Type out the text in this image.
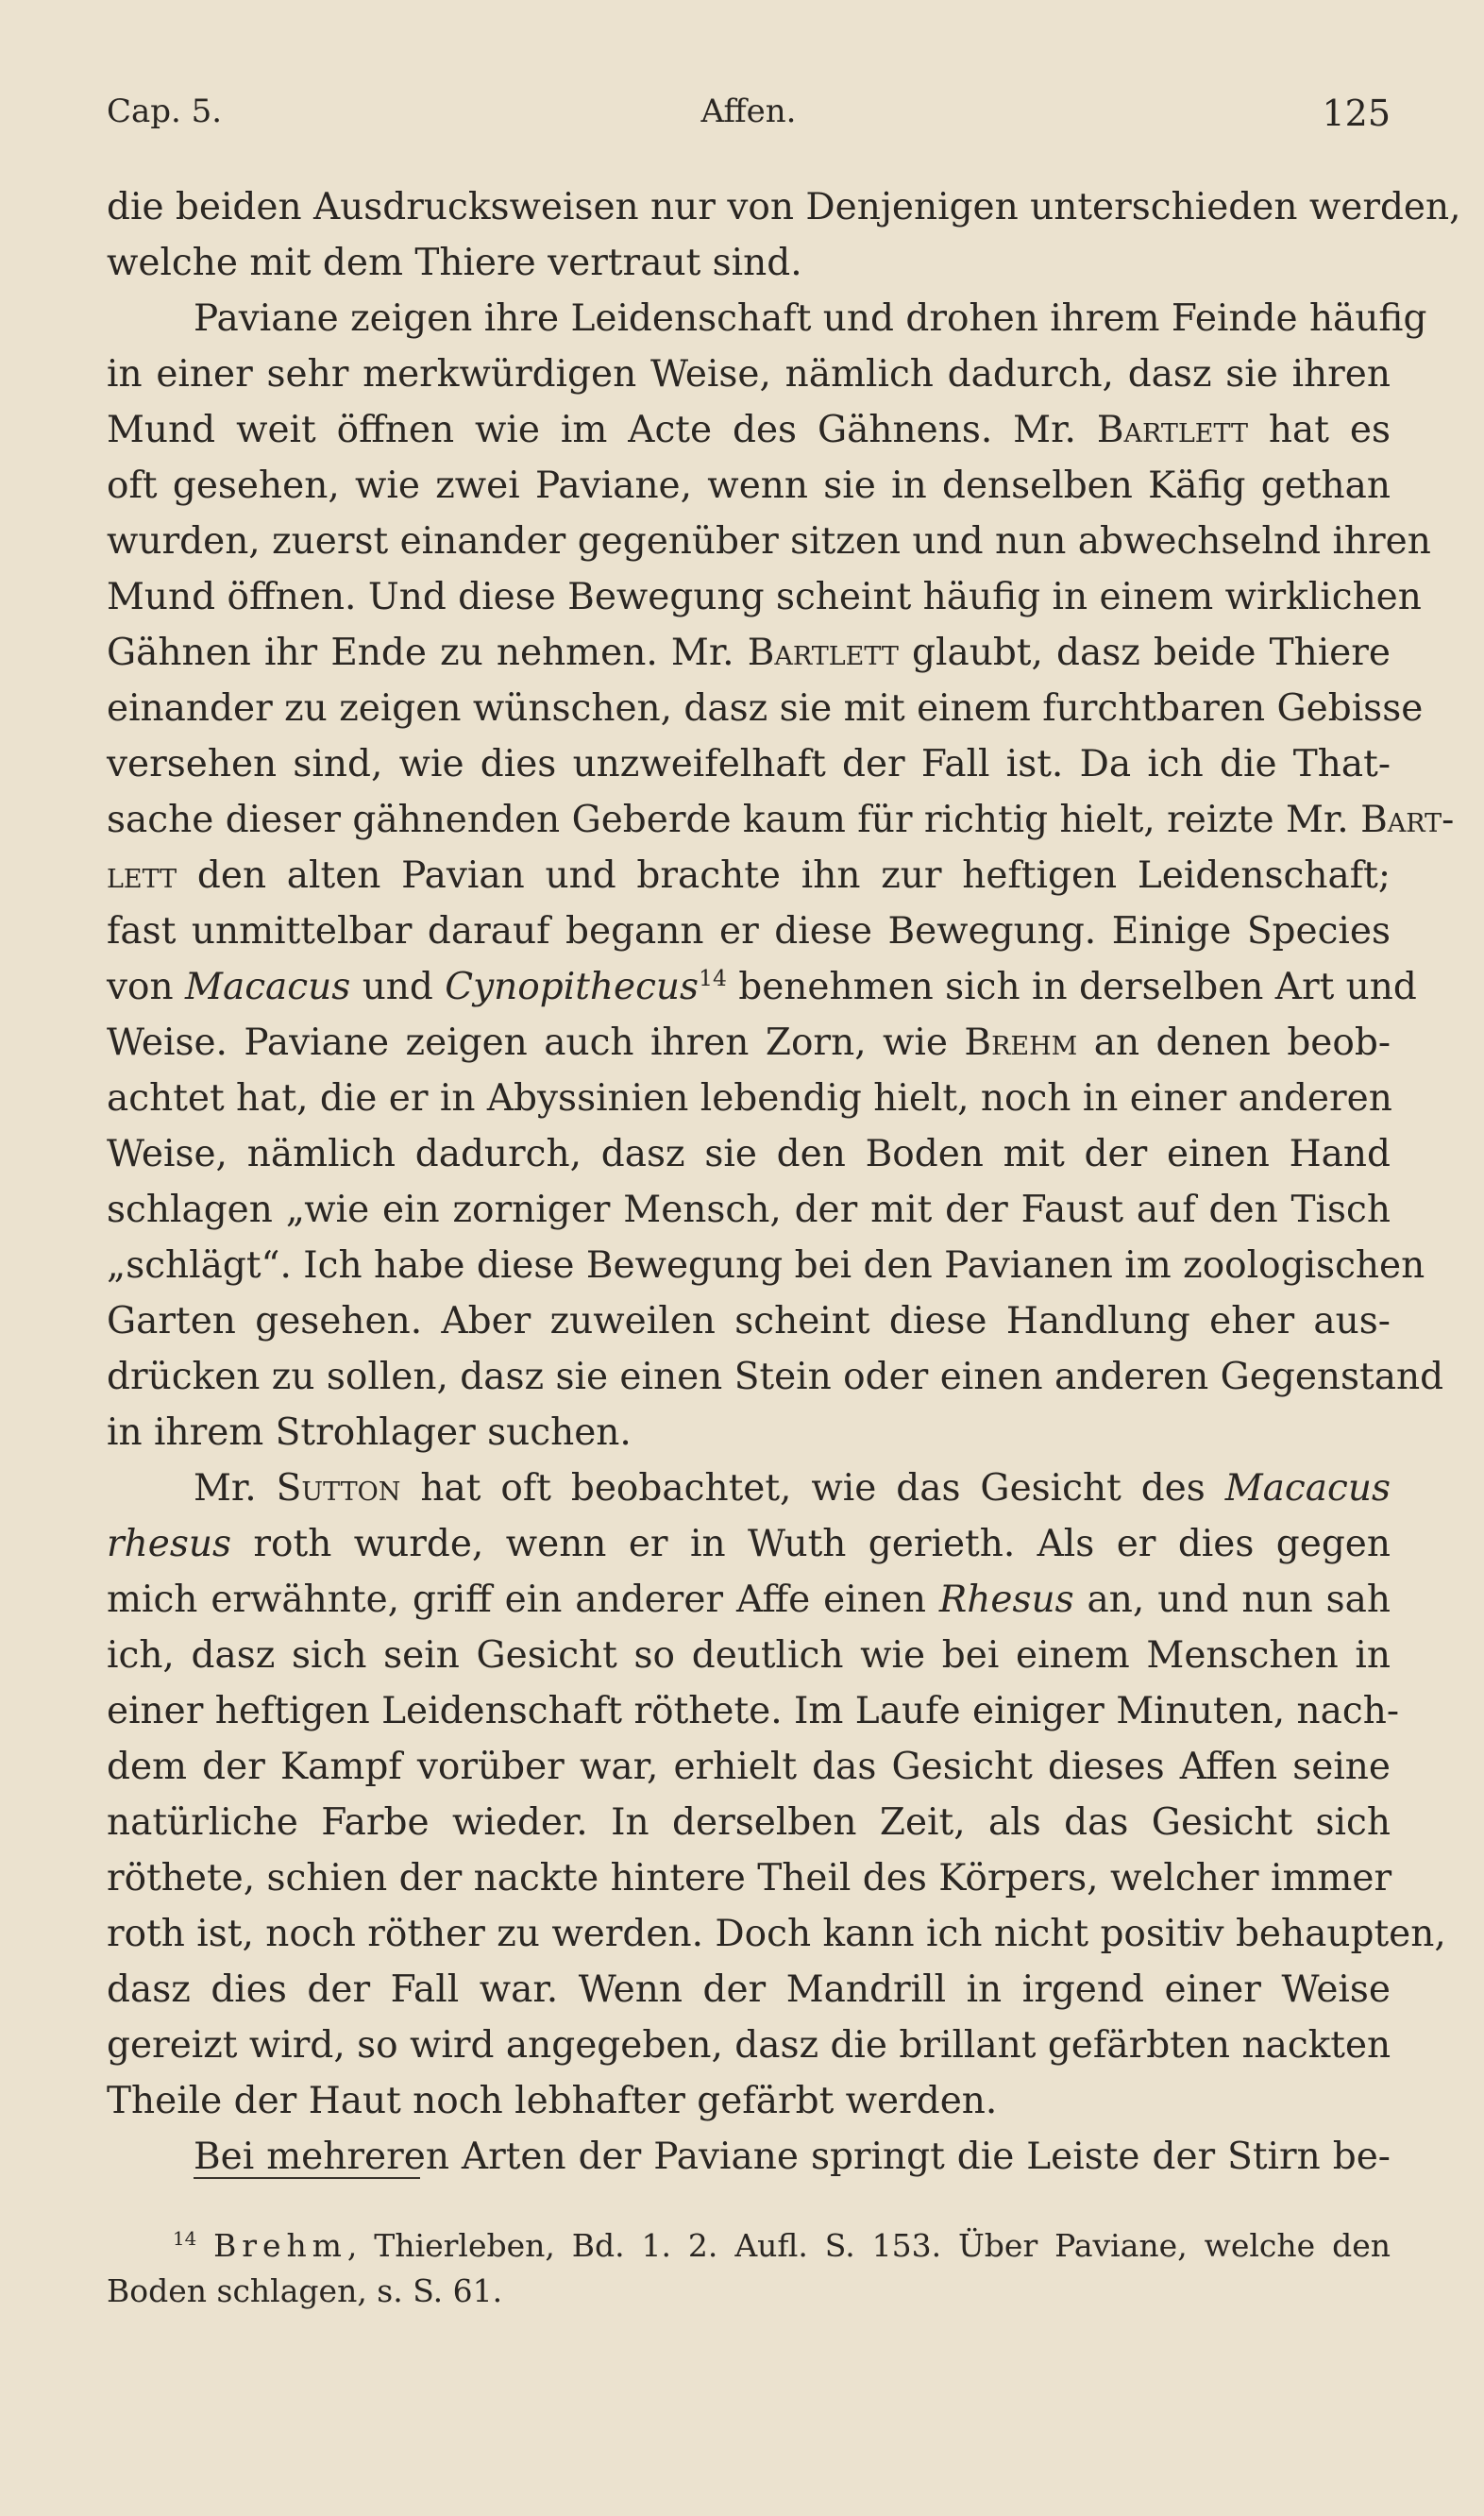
Cap. 5.	Affen.	125
die beiden Ausdrucksweisen nur von Denjenigen unterschieden werden,
welche mit dem Thiere vertraut sind.
Paviane zeigen ihre Leidenschaft und drohen ihrem Feinde häufig
in einer sehr merkwürdigen Weise, nämlich dadurch, dasz sie ihren
Mund weit öffnen wie im Acte des Gähnens. Mr. Bartlett hat es
oft gesehen, wie zwei Paviane, wenn sie in denselben Käfig gethan
wurden, zuerst einander gegenüber sitzen und nun abwechselnd ihren
Mund öffnen. Und diese Bewegung scheint häufig in einem wirklichen
Gähnen ihr Ende zu nehmen. Mr. Bartlett glaubt, dasz beide Thiere
einander zu zeigen wünschen, dasz sie mit einem furchtbaren Gebisse
versehen sind, wie dies unzweifelhaft der Fall ist. Da ich die That-
sache dieser gähnenden Geberde kaum für richtig hielt, reizte Mr. Bart-
lett den alten Pavian und brachte ihn zur heftigen Leidenschaft;
fast unmittelbar darauf begann er diese Bewegung. Einige Species
von Macacus und Cynopithecus$^{14}$ benehmen sich in derselben Art und
Weise. Paviane zeigen auch ihren Zorn, wie Brehm an denen beob-
achtet hat, die er in Abyssinien lebendig hielt, noch in einer anderen
Weise, nämlich dadurch, dasz sie den Boden mit der einen Hand
schlagen „wie ein zorniger Mensch, der mit der Faust auf den Tisch
„schlägt“. Ich habe diese Bewegung bei den Pavianen im zoologischen
Garten gesehen. Aber zuweilen scheint diese Handlung eher aus-
drücken zu sollen, dasz sie einen Stein oder einen anderen Gegenstand
in ihrem Strohlager suchen.
Mr. Sutton hat oft beobachtet, wie das Gesicht des Macacus
rhesus roth wurde, wenn er in Wuth gerieth. Als er dies gegen
mich erwähnte, griff ein anderer Affe einen Rhesus an, und nun sah
ich, dasz sich sein Gesicht so deutlich wie bei einem Menschen in
einer heftigen Leidenschaft röthete. Im Laufe einiger Minuten, nach-
dem der Kampf vorüber war, erhielt das Gesicht dieses Affen seine
natürliche Farbe wieder. In derselben Zeit, als das Gesicht sich
röthete, schien der nackte hintere Theil des Körpers, welcher immer
roth ist, noch röther zu werden. Doch kann ich nicht positiv behaupten,
dasz dies der Fall war. Wenn der Mandrill in irgend einer Weise
gereizt wird, so wird angegeben, dasz die brillant gefärbten nackten
Theile der Haut noch lebhafter gefärbt werden.
Bei mehreren Arten der Paviane springt die Leiste der Stirn be-
$^{14}$ Brehm, Thierleben, Bd. 1. 2. Aufl. S. 153. Über Paviane, welche den
Boden schlagen, s. S. 61.
